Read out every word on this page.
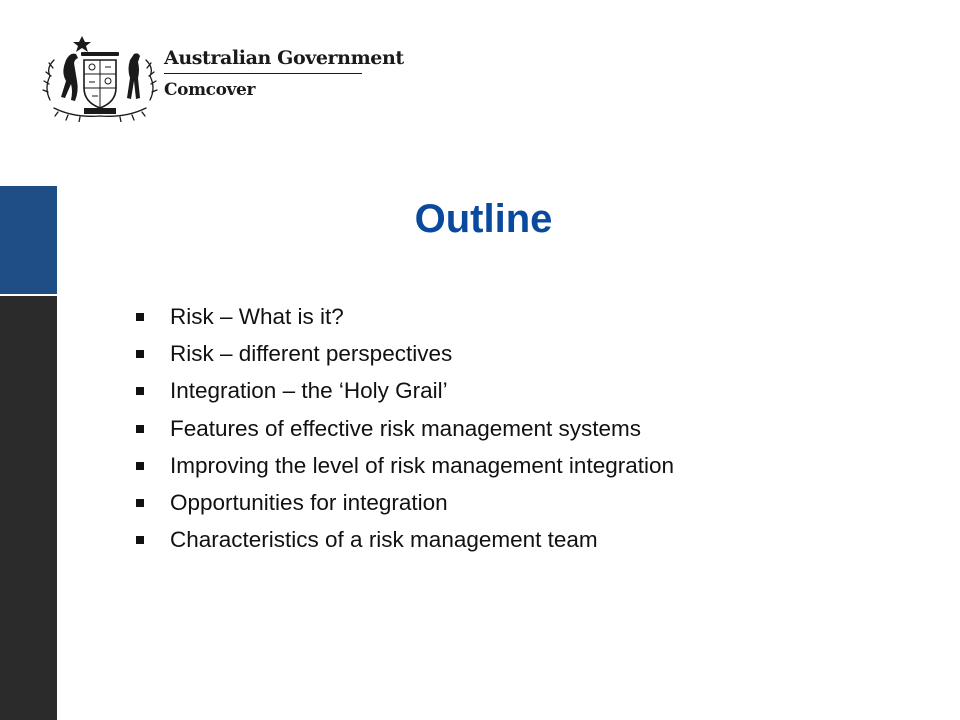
Australian Government
Comcover
Outline
Risk – What is it?
Risk – different perspectives
Integration – the ‘Holy Grail’
Features of effective risk management systems
Improving the level of risk management integration
Opportunities for integration
Characteristics of a risk management team
